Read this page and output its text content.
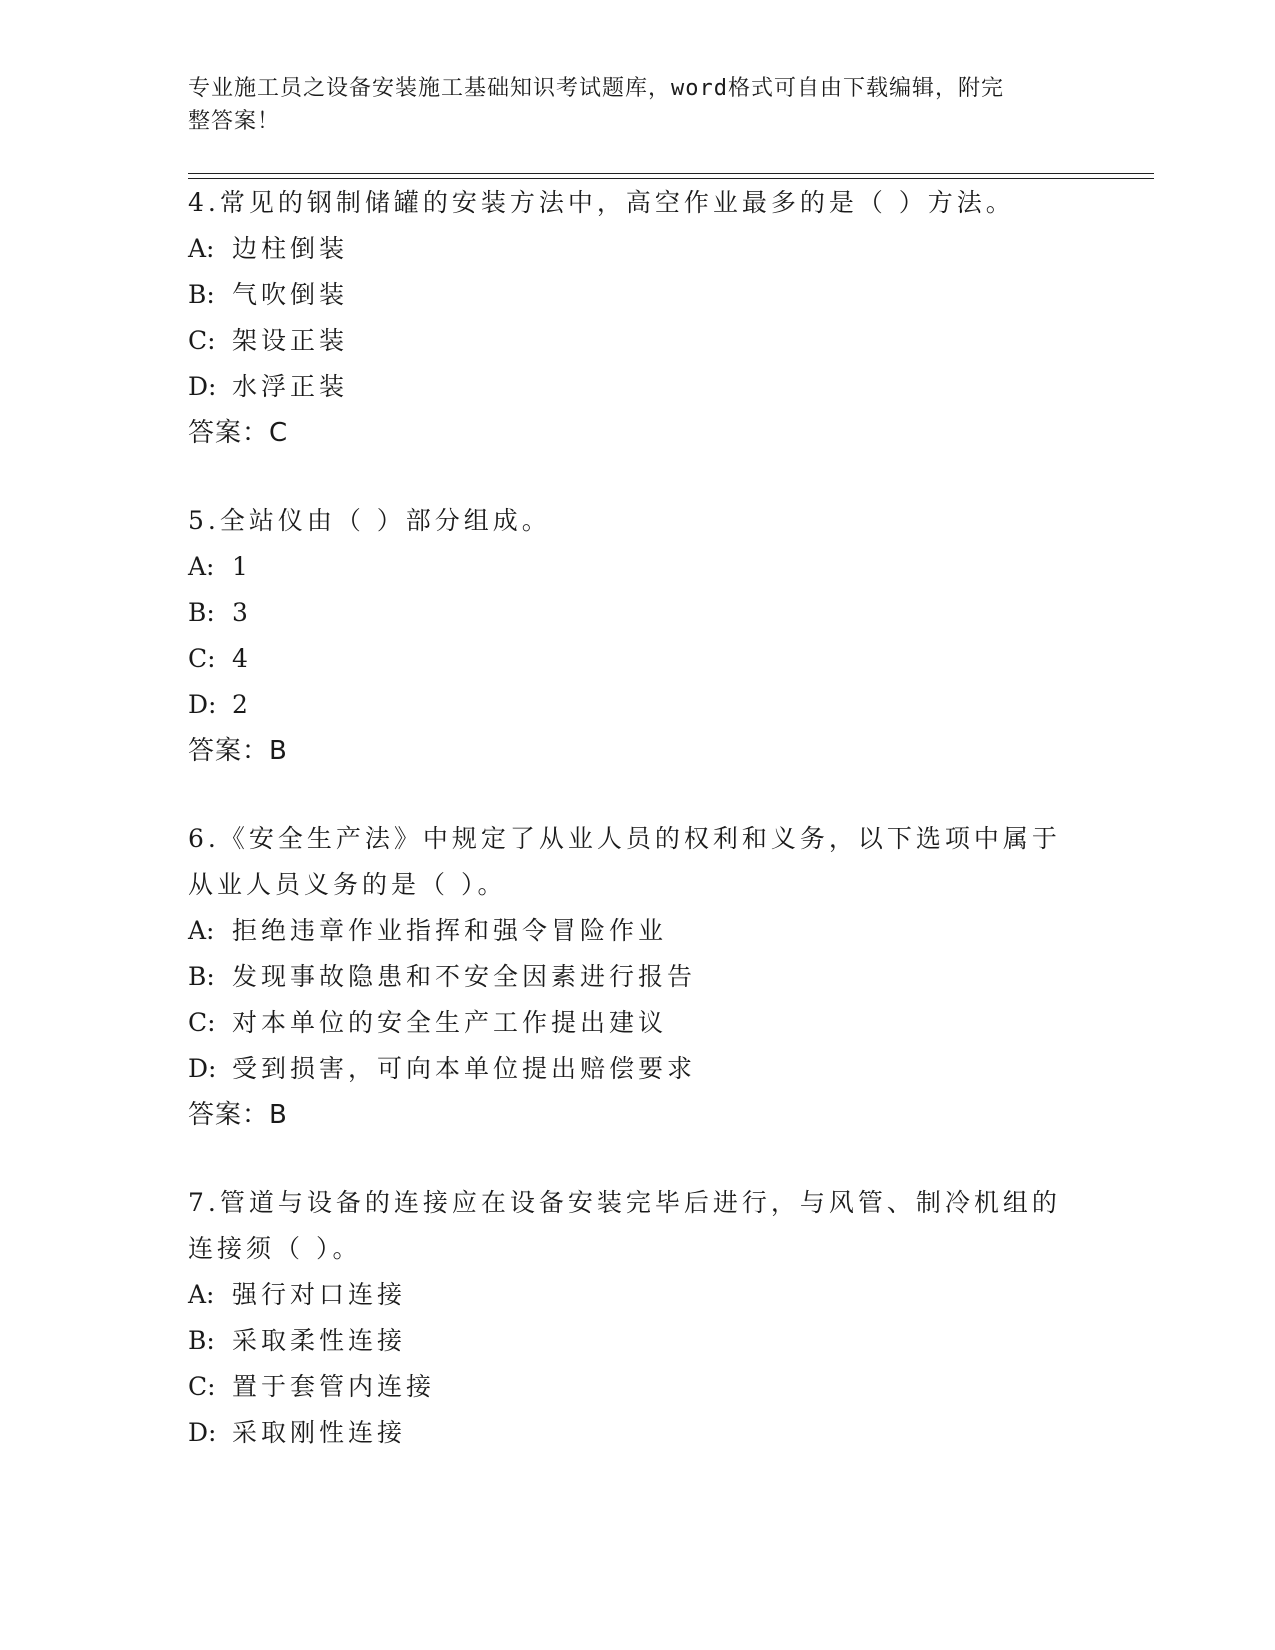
专业施工员之设备安装施工基础知识考试题库，word格式可自由下载编辑，附完
整答案！
4.常见的钢制储罐的安装方法中，高空作业最多的是（ ）方法。
A: 边柱倒装
B: 气吹倒装
C: 架设正装
D: 水浮正装
答案：C
5.全站仪由（ ）部分组成。
A: 1
B: 3
C: 4
D: 2
答案：B
6.《安全生产法》中规定了从业人员的权利和义务，以下选项中属于
从业人员义务的是（ ）。
A: 拒绝违章作业指挥和强令冒险作业
B: 发现事故隐患和不安全因素进行报告
C: 对本单位的安全生产工作提出建议
D: 受到损害，可向本单位提出赔偿要求
答案：B
7.管道与设备的连接应在设备安装完毕后进行，与风管、制冷机组的
连接须（ ）。
A: 强行对口连接
B: 采取柔性连接
C: 置于套管内连接
D: 采取刚性连接
